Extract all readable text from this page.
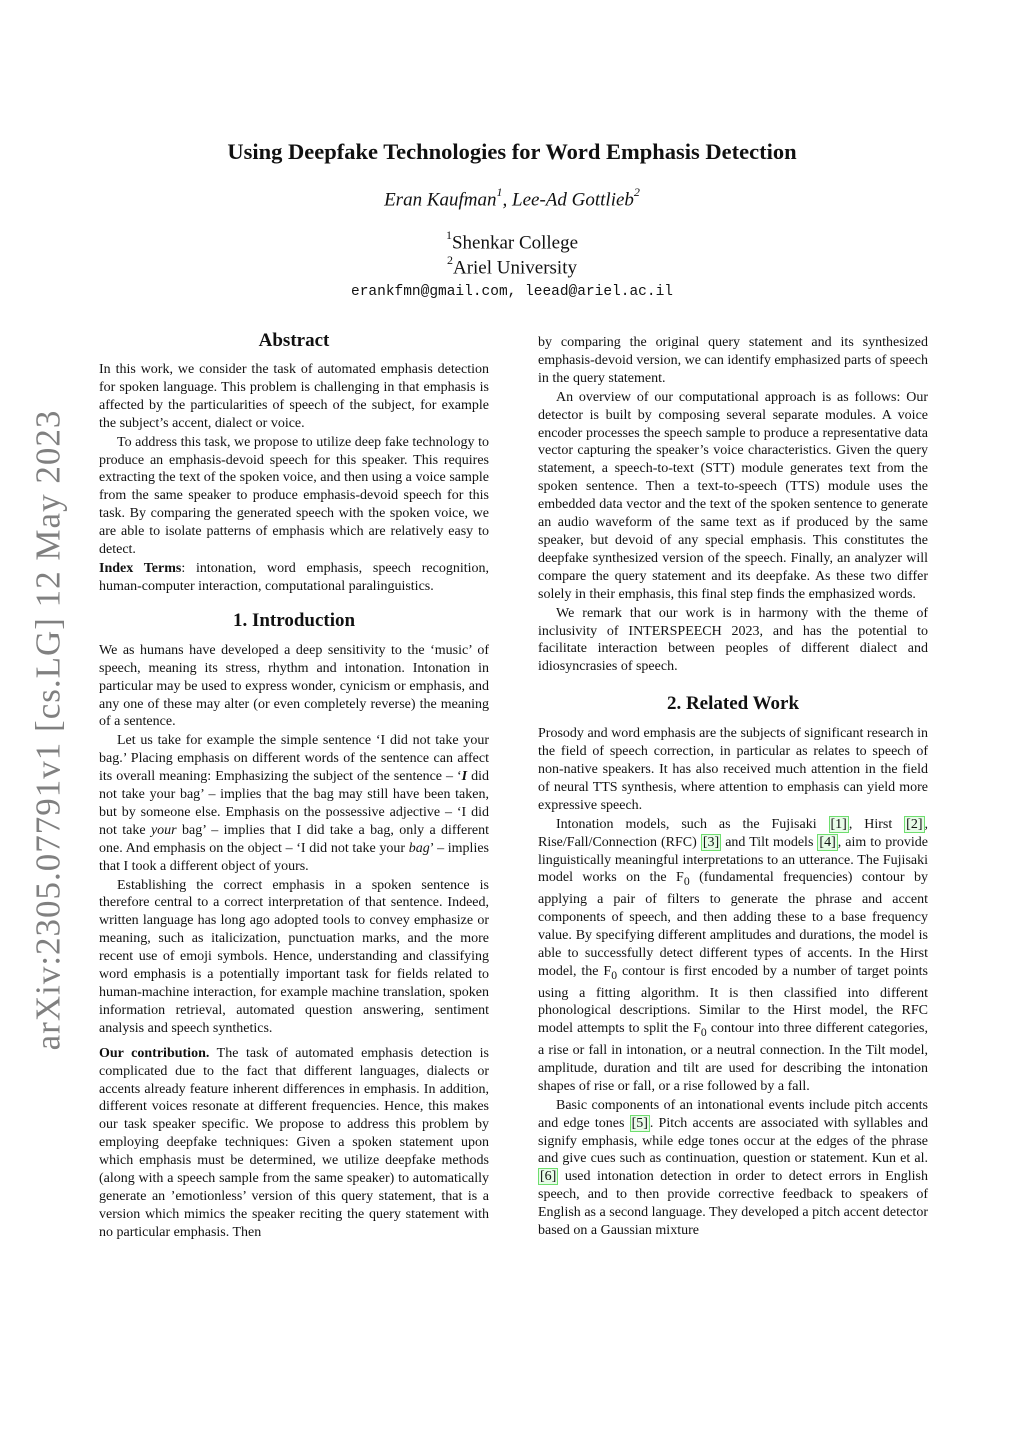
arXiv:2305.07791v1 [cs.LG] 12 May 2023
Using Deepfake Technologies for Word Emphasis Detection
Eran Kaufman$^1$, Lee-Ad Gottlieb$^2$
$^1$Shenkar College
$^2$Ariel University
erankfmn@gmail.com, leead@ariel.ac.il
Abstract

In this work, we consider the task of automated emphasis detection for spoken language. This problem is challenging in that emphasis is affected by the particularities of speech of the subject, for example the subject’s accent, dialect or voice.

To address this task, we propose to utilize deep fake technology to produce an emphasis-devoid speech for this speaker. This requires extracting the text of the spoken voice, and then using a voice sample from the same speaker to produce emphasis-devoid speech for this task. By comparing the generated speech with the spoken voice, we are able to isolate patterns of emphasis which are relatively easy to detect.

Index Terms: intonation, word emphasis, speech recognition, human-computer interaction, computational paralinguistics.

1. Introduction

We as humans have developed a deep sensitivity to the ‘music’ of speech, meaning its stress, rhythm and intonation. Intonation in particular may be used to express wonder, cynicism or emphasis, and any one of these may alter (or even completely reverse) the meaning of a sentence.

Let us take for example the simple sentence ‘I did not take your bag.’ Placing emphasis on different words of the sentence can affect its overall meaning: Emphasizing the subject of the sentence – ‘I did not take your bag’ – implies that the bag may still have been taken, but by someone else. Emphasis on the possessive adjective – ‘I did not take your bag’ – implies that I did take a bag, only a different one. And emphasis on the object – ‘I did not take your bag’ – implies that I took a different object of yours.

Establishing the correct emphasis in a spoken sentence is therefore central to a correct interpretation of that sentence. Indeed, written language has long ago adopted tools to convey emphasize or meaning, such as italicization, punctuation marks, and the more recent use of emoji symbols. Hence, understanding and classifying word emphasis is a potentially important task for fields related to human-machine interaction, for example machine translation, spoken information retrieval, automated question answering, sentiment analysis and speech synthetics.

Our contribution. The task of automated emphasis detection is complicated due to the fact that different languages, dialects or accents already feature inherent differences in emphasis. In addition, different voices resonate at different frequencies. Hence, this makes our task speaker specific. We propose to address this problem by employing deepfake techniques: Given a spoken statement upon which emphasis must be determined, we utilize deepfake methods (along with a speech sample from the same speaker) to automatically generate an ’emotionless’ version of this query statement, that is a version which mimics the speaker reciting the query statement with no particular emphasis. Then

by comparing the original query statement and its synthesized emphasis-devoid version, we can identify emphasized parts of speech in the query statement.

An overview of our computational approach is as follows: Our detector is built by composing several separate modules. A voice encoder processes the speech sample to produce a representative data vector capturing the speaker’s voice characteristics. Given the query statement, a speech-to-text (STT) module generates text from the spoken sentence. Then a text-to-speech (TTS) module uses the embedded data vector and the text of the spoken sentence to generate an audio waveform of the same text as if produced by the same speaker, but devoid of any special emphasis. This constitutes the deepfake synthesized version of the speech. Finally, an analyzer will compare the query statement and its deepfake. As these two differ solely in their emphasis, this final step finds the emphasized words.

We remark that our work is in harmony with the theme of inclusivity of INTERSPEECH 2023, and has the potential to facilitate interaction between peoples of different dialect and idiosyncrasies of speech.

2. Related Work

Prosody and word emphasis are the subjects of significant research in the field of speech correction, in particular as relates to speech of non-native speakers. It has also received much attention in the field of neural TTS synthesis, where attention to emphasis can yield more expressive speech.

Intonation models, such as the Fujisaki [1] , Hirst [2] , Rise/Fall/Connection (RFC) [3] and Tilt models [4] , aim to provide linguistically meaningful interpretations to an utterance. The Fujisaki model works on the $F_0$ (fundamental frequencies) contour by applying a pair of filters to generate the phrase and accent components of speech, and then adding these to a base frequency value. By specifying different amplitudes and durations, the model is able to successfully detect different types of accents. In the Hirst model, the $F_0$ contour is first encoded by a number of target points using a fitting algorithm. It is then classified into different phonological descriptions. Similar to the Hirst model, the RFC model attempts to split the $F_0$ contour into three different categories, a rise or fall in intonation, or a neutral connection. In the Tilt model, amplitude, duration and tilt are used for describing the intonation shapes of rise or fall, or a rise followed by a fall.

Basic components of an intonational events include pitch accents and edge tones [5] . Pitch accents are associated with syllables and signify emphasis, while edge tones occur at the edges of the phrase and give cues such as continuation, question or statement. Kun et al. [6] used intonation detection in order to detect errors in English speech, and to then provide corrective feedback to speakers of English as a second language. They developed a pitch accent detector based on a Gaussian mixture
